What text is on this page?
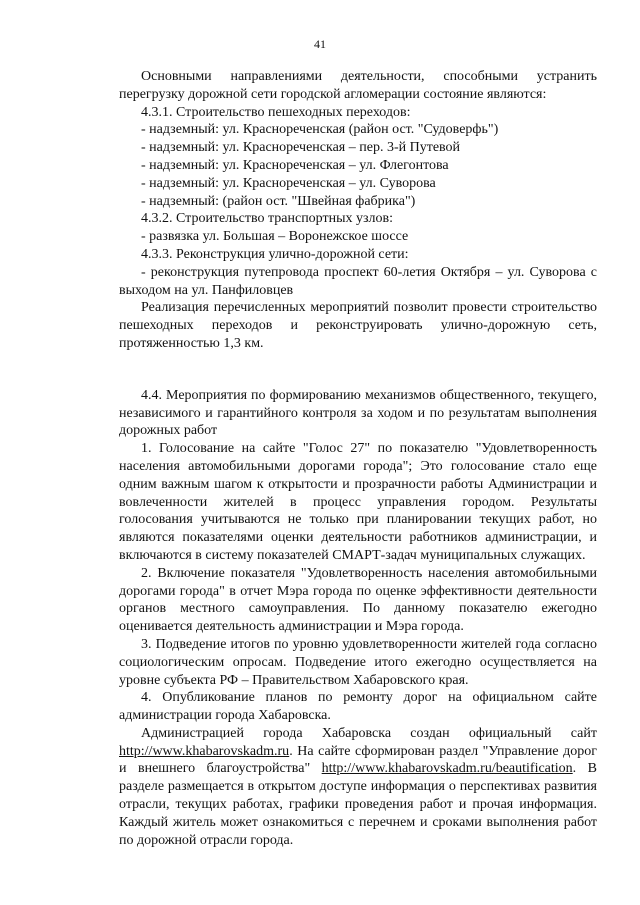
41

Основными направлениями деятельности, способными устранить перегрузку дорожной сети городской агломерации состояние являются:

4.3.1. Строительство пешеходных переходов:

- надземный: ул. Краснореченская (район ост. "Судоверфь")

- надземный: ул. Краснореченская – пер. 3-й Путевой

- надземный: ул. Краснореченская – ул. Флегонтова

- надземный: ул. Краснореченская – ул. Суворова

- надземный: (район ост. "Швейная фабрика")

4.3.2. Строительство транспортных узлов:

- развязка ул. Большая – Воронежское шоссе

4.3.3. Реконструкция улично-дорожной сети:

- реконструкция путепровода проспект 60-летия Октября – ул. Суворова с выходом на ул. Панфиловцев

Реализация перечисленных мероприятий позволит провести строительство пешеходных переходов и реконструировать улично-дорожную сеть, протяженностью 1,3 км.

4.4. Мероприятия по формированию механизмов общественного, текущего, независимого и гарантийного контроля за ходом и по результатам выполнения дорожных работ

1. Голосование на сайте "Голос 27" по показателю "Удовлетворенность населения автомобильными дорогами города"; Это голосование стало еще одним важным шагом к открытости и прозрачности работы Администрации и вовлеченности жителей в процесс управления городом. Результаты голосования учитываются не только при планировании текущих работ, но являются показателями оценки деятельности работников администрации, и включаются в систему показателей СМАРТ-задач муниципальных служащих.

2. Включение показателя "Удовлетворенность населения автомобильными дорогами города" в отчет Мэра города по оценке эффективности деятельности органов местного самоуправления. По данному показателю ежегодно оценивается деятельность администрации и Мэра города.

3. Подведение итогов по уровню удовлетворенности жителей года согласно социологическим опросам. Подведение итого ежегодно осуществляется на уровне субъекта РФ – Правительством Хабаровского края.

4. Опубликование планов по ремонту дорог на официальном сайте администрации города Хабаровска.

Администрацией города Хабаровска создан официальный сайт http://www.khabarovskadm.ru. На сайте сформирован раздел "Управление дорог и внешнего благоустройства" http://www.khabarovskadm.ru/beautification. В разделе размещается в открытом доступе информация о перспективах развития отрасли, текущих работах, графики проведения работ и прочая информация. Каждый житель может ознакомиться с перечнем и сроками выполнения работ по дорожной отрасли города.
